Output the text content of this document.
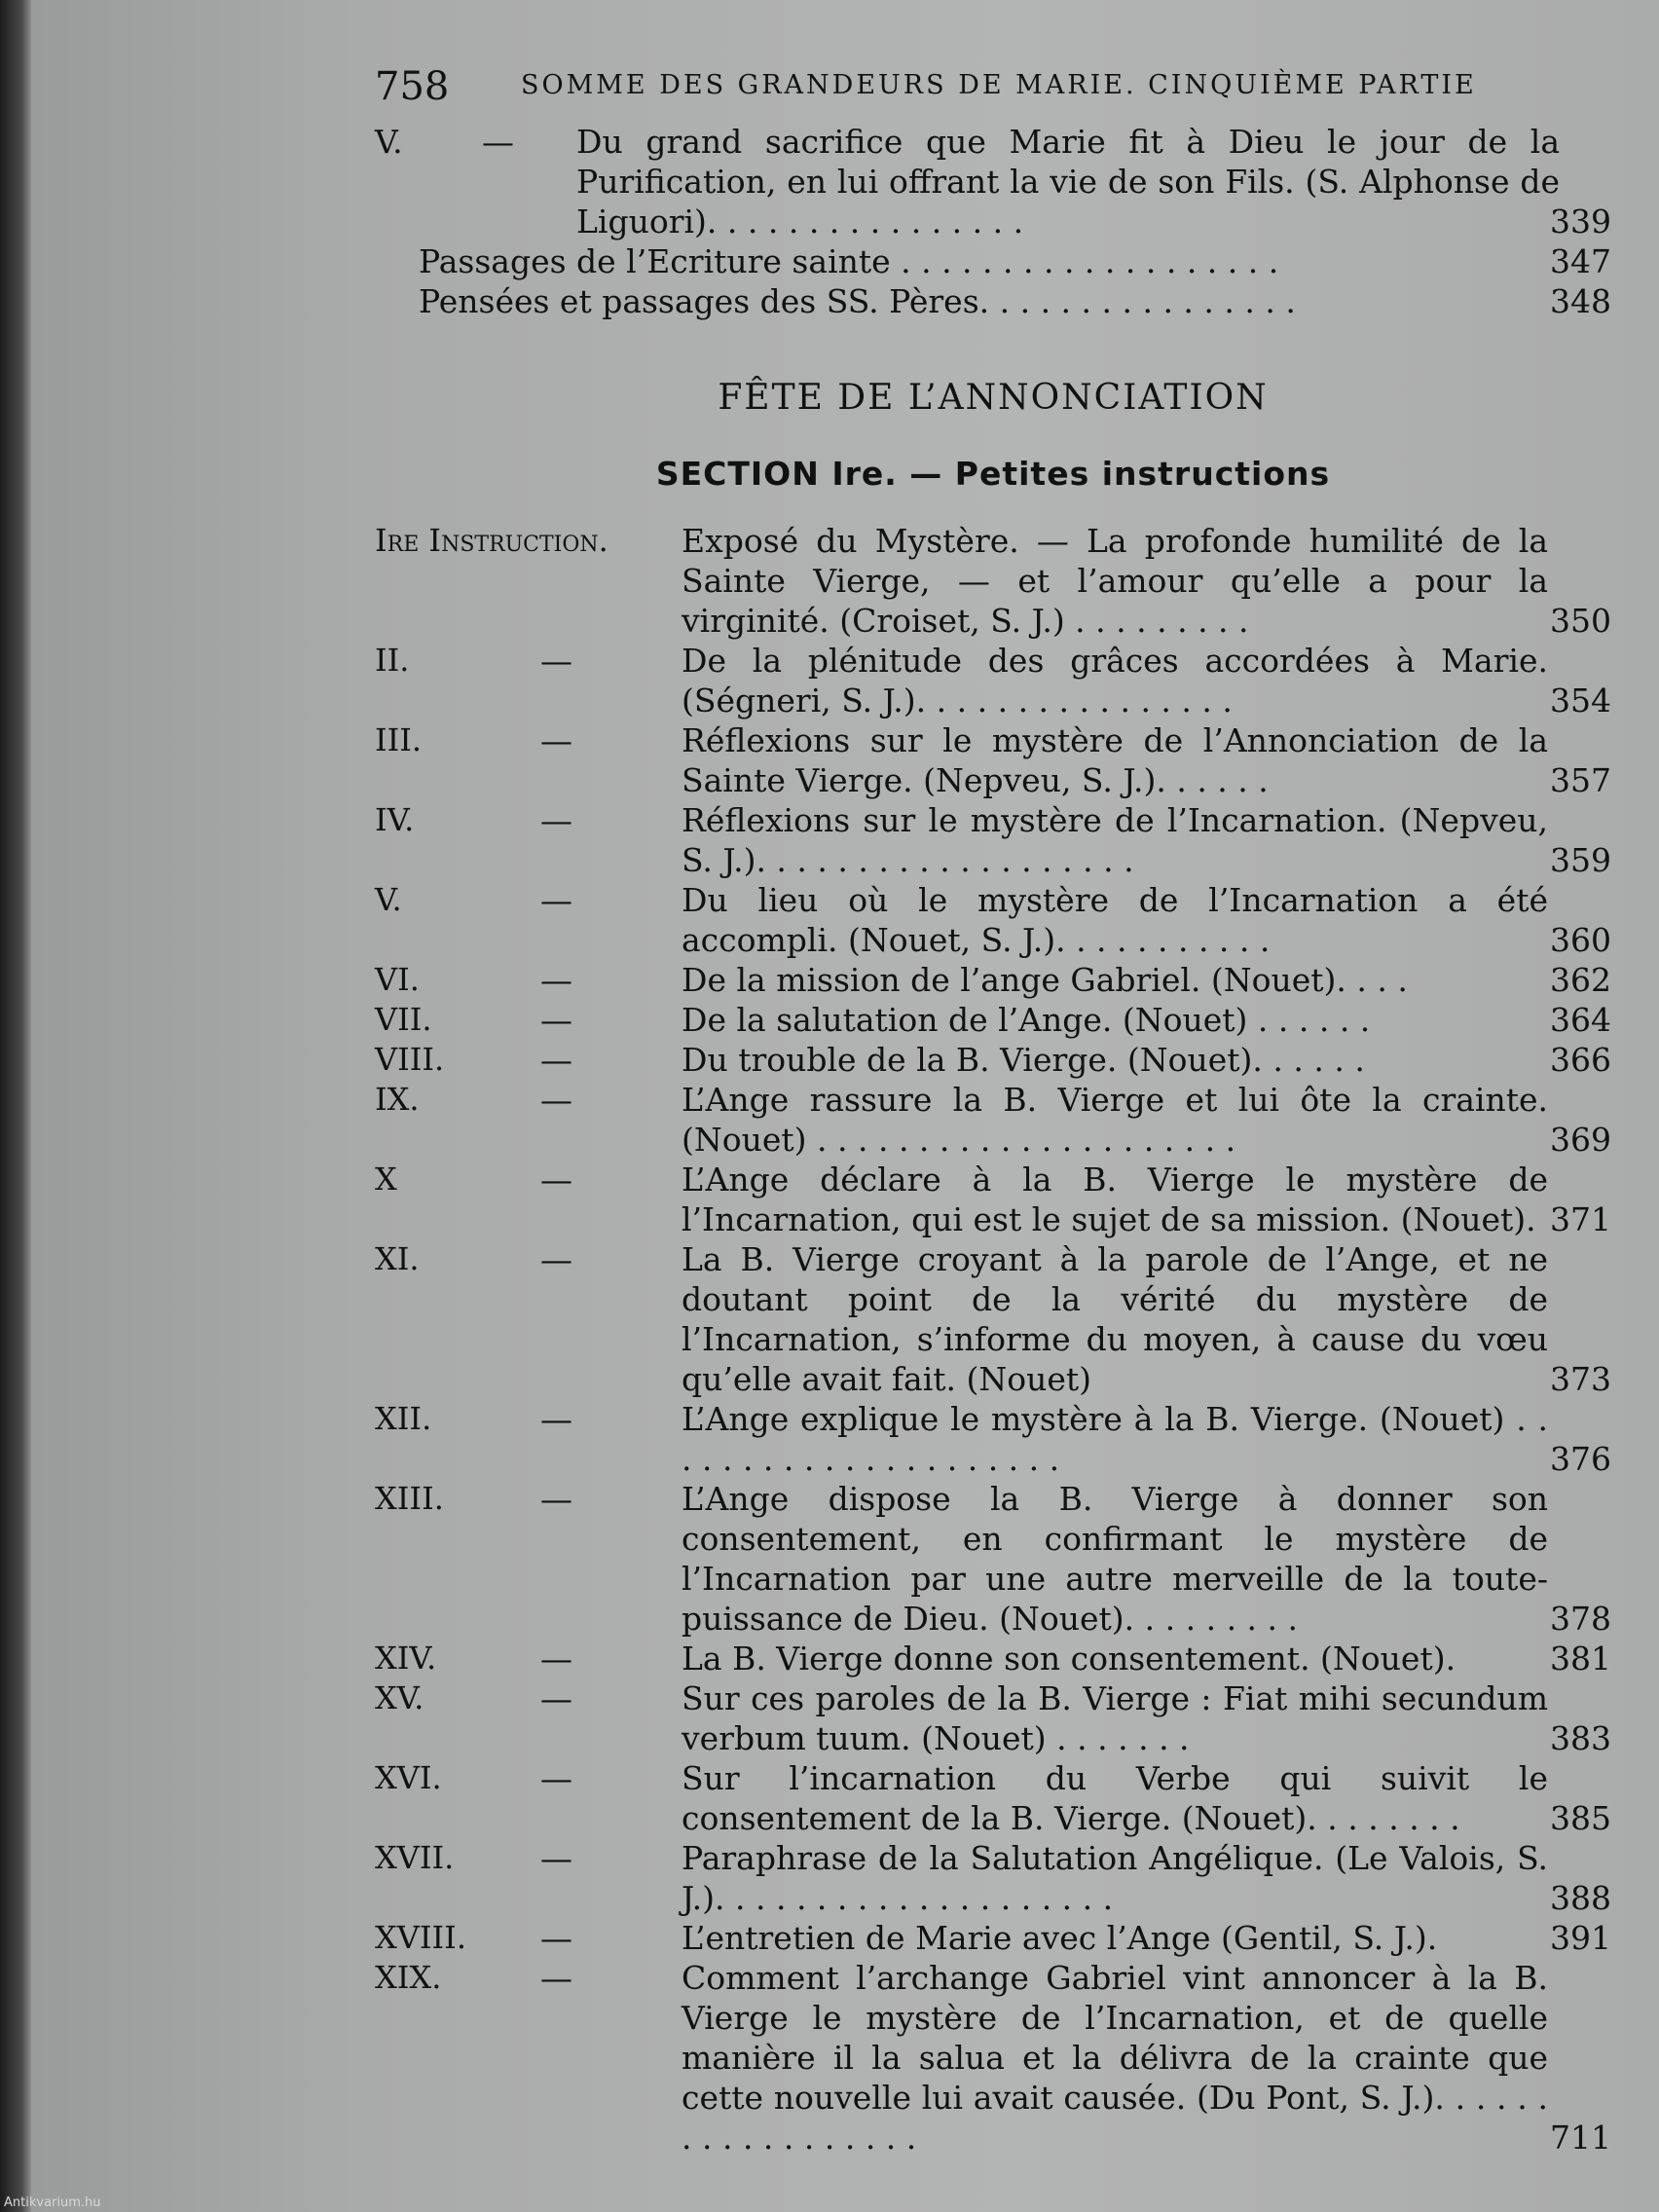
758	SOMME DES GRANDEURS DE MARIE. CINQUIÈME PARTIE
V. — Du grand sacrifice que Marie fit à Dieu le jour de la Purification, en lui offrant la vie de son Fils. (S. Alphonse de Liguori). . . . . . . . . . . . . . . .	339
Passages de l’Ecriture sainte . . . . . . . . . . . . . . . . . . .	347
Pensées et passages des SS. Pères. . . . . . . . . . . . . . . .	348
FÊTE DE L’ANNONCIATION
SECTION Ire. — Petites instructions
Ire Instruction. Exposé du Mystère. — La profonde humilité de la Sainte Vierge, — et l’amour qu’elle a pour la virginité. (Croiset, S. J.) . . . . . . . . .	350
II.	—	De la plénitude des grâces accordées à Marie. (Ségneri, S. J.). . . . . . . . . . . . . . . .	354
III.	—	Réflexions sur le mystère de l’Annonciation de la Sainte Vierge. (Nepveu, S. J.). . . . . .	357
IV.	—	Réflexions sur le mystère de l’Incarnation. (Nepveu, S. J.). . . . . . . . . . . . . . . . . . .	359
V.	—	Du lieu où le mystère de l’Incarnation a été accompli. (Nouet, S. J.). . . . . . . . . . .	360
VI.	—	De la mission de l’ange Gabriel. (Nouet). . . .	362
VII.	—	De la salutation de l’Ange. (Nouet) . . . . . .	364
VIII.	—	Du trouble de la B. Vierge. (Nouet). . . . . .	366
IX.	—	L’Ange rassure la B. Vierge et lui ôte la crainte. (Nouet) . . . . . . . . . . . . . . . . . . . . .	369
X	—	L’Ange déclare à la B. Vierge le mystère de l’Incarnation, qui est le sujet de sa mission. (Nouet). 371
XI.	—	La B. Vierge croyant à la parole de l’Ange, et ne doutant point de la vérité du mystère de l’Incarnation, s’informe du moyen, à cause du vœu qu’elle avait fait. (Nouet)	373
XII.	—	L’Ange explique le mystère à la B. Vierge. (Nouet) . . . . . . . . . . . . . . . . . . . . .	376
XIII.	—	L’Ange dispose la B. Vierge à donner son consentement, en confirmant le mystère de l’Incarnation par une autre merveille de la toute-puissance de Dieu. (Nouet). . . . . . . . .	378
XIV.	—	La B. Vierge donne son consentement. (Nouet).	381
XV.	—	Sur ces paroles de la B. Vierge : Fiat mihi secundum verbum tuum. (Nouet) . . . . . . .	383
XVI.	—	Sur l’incarnation du Verbe qui suivit le consentement de la B. Vierge. (Nouet). . . . . . . .	385
XVII.	—	Paraphrase de la Salutation Angélique. (Le Valois, S. J.). . . . . . . . . . . . . . . . . . . .	388
XVIII. —	L’entretien de Marie avec l’Ange (Gentil, S. J.).	391
XIX.	—	Comment l’archange Gabriel vint annoncer à la B. Vierge le mystère de l’Incarnation, et de quelle manière il la salua et la délivra de la crainte que cette nouvelle lui avait causée. (Du Pont, S. J.). . . . . . . . . . . . . . . . . .	711
Antikvarium.hu
